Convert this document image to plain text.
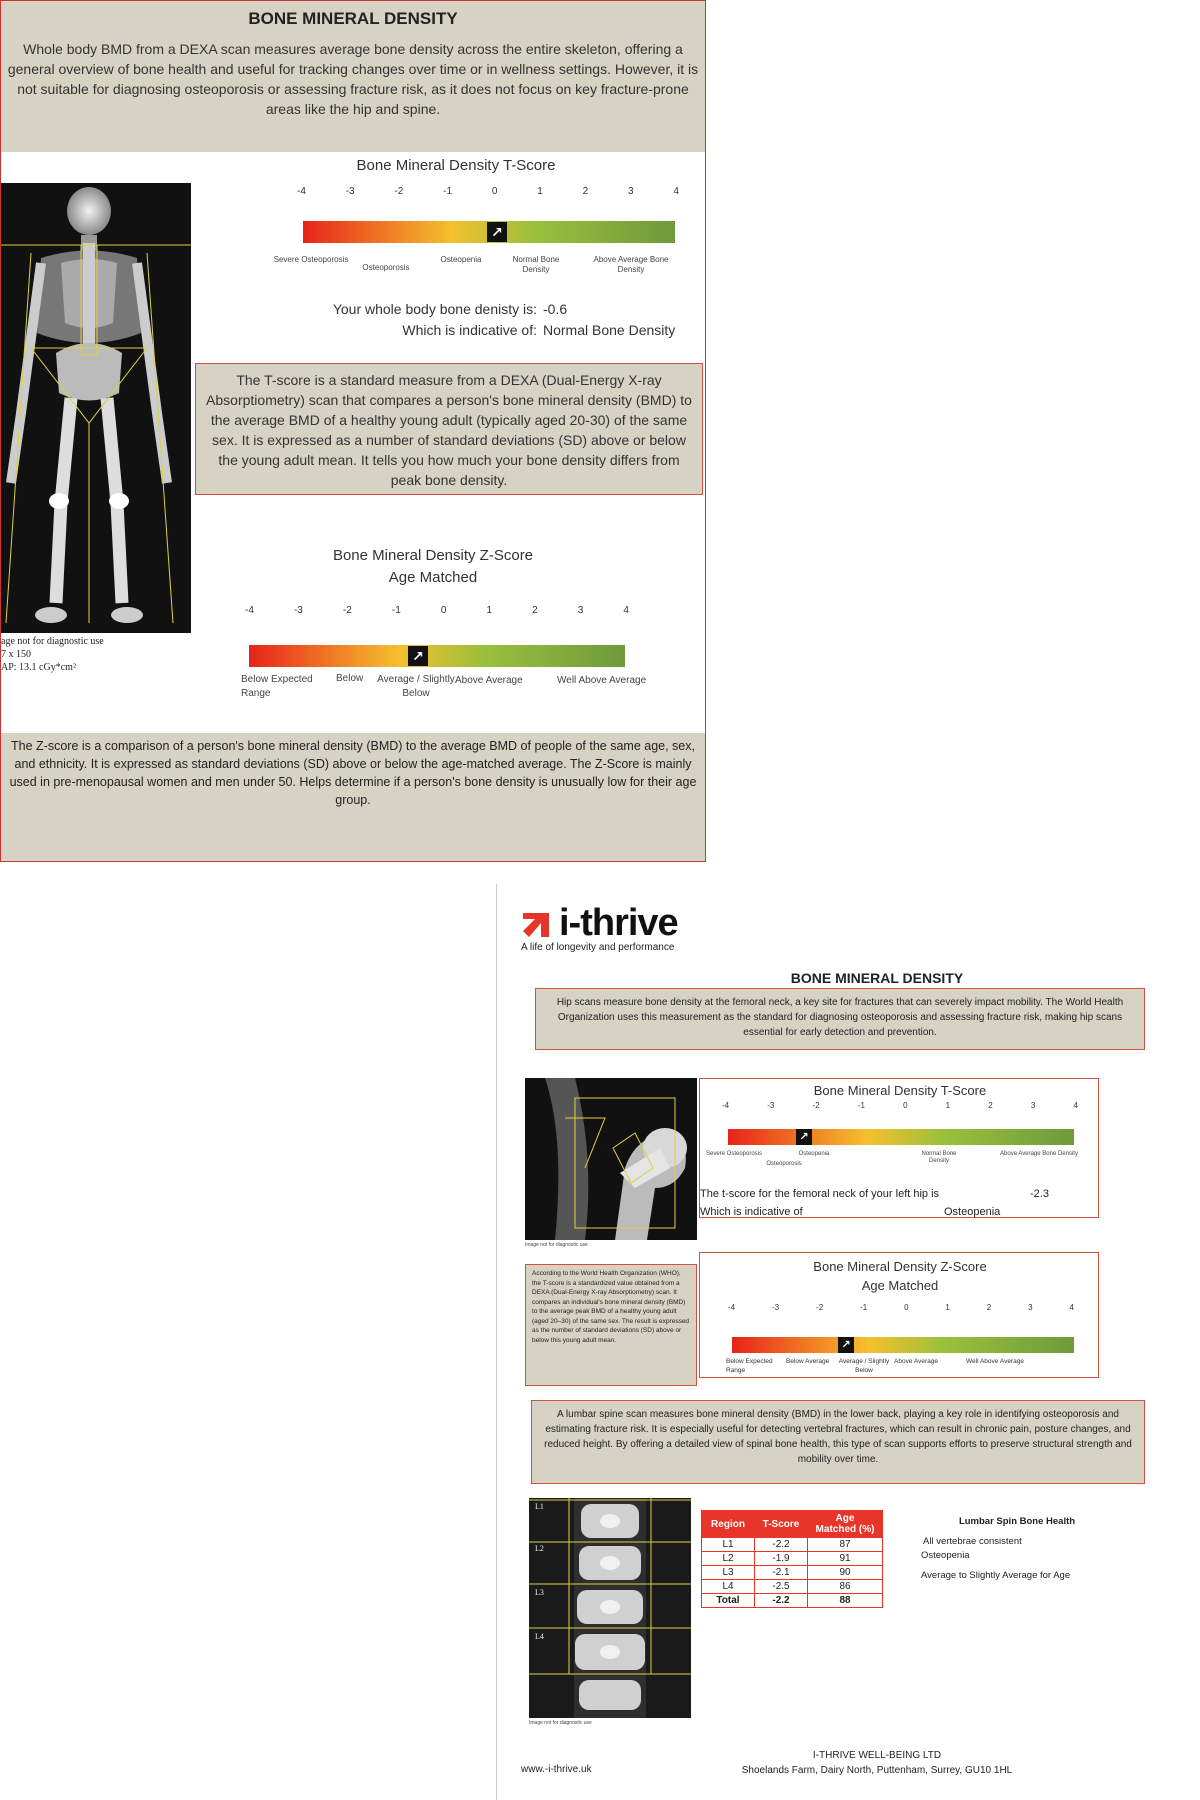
BONE MINERAL DENSITY
Whole body BMD from a DEXA scan measures average bone density across the entire skeleton, offering a general overview of bone health and useful for tracking changes over time or in wellness settings. However, it is not suitable for diagnosing osteoporosis or assessing fracture risk, as it does not focus on key fracture-prone areas like the hip and spine.
age not for diagnostic use
7 x 150
AP: 13.1 cGy*cm²
Bone Mineral Density T-Score
-4	-3	-2	-1	0	1	2	3	4
↗
Severe Osteoporosis
Osteoporosis
Osteopenia	Normal Bone Density
Above Average Bone Density
Your whole body bone denisty is: -0.6
Which is indicative of: Normal Bone Density
The T-score is a standard measure from a DEXA (Dual-Energy X-ray Absorptiometry) scan that compares a person's bone mineral density (BMD) to the average BMD of a healthy young adult (typically aged 20-30) of the same sex. It is expressed as a number of standard deviations (SD) above or below the young adult mean. It tells you how much your bone density differs from peak bone density.
Bone Mineral Density Z-Score
Age Matched
-4	-3	-2	-1	0	1	2	3	4
↗
Below Expected Range
Below	Average / Slightly Below
Above Average	Well Above Average
The Z-score is a comparison of a person's bone mineral density (BMD) to the average BMD of people of the same age, sex, and ethnicity. It is expressed as standard deviations (SD) above or below the age-matched average. The Z-Score is mainly used in pre-menopausal women and men under 50. Helps determine if a person's bone density is unusually low for their age group.
i-thrive
A life of longevity and performance
BONE MINERAL DENSITY
Hip scans measure bone density at the femoral neck, a key site for fractures that can severely impact mobility. The World Health Organization uses this measurement as the standard for diagnosing osteoporosis and assessing fracture risk, making hip scans essential for early detection and prevention.
Image not for diagnostic use
Bone Mineral Density T-Score
-4	-3	-2	-1	0	1	2	3	4
↗
Severe Osteoporosis
Osteoporosis
Osteopenia	Normal Bone Density
Above Average Bone Density
The t-score for the femoral neck of your left hip is	-2.3
Which is indicative of	Osteopenia
According to the World Health Organization (WHO), the T-score is a standardized value obtained from a DEXA (Dual-Energy X-ray Absorptiometry) scan. It compares an individual's bone mineral density (BMD) to the average peak BMD of a healthy young adult (aged 20–30) of the same sex. The result is expressed as the number of standard deviations (SD) above or below this young adult mean.
Bone Mineral Density Z-Score
Age Matched
-4	-3	-2	-1	0	1	2	3	4
↗
Below Expected Range
Below Average	Average / Slightly Below
Above Average	Well Above Average
A lumbar spine scan measures bone mineral density (BMD) in the lower back, playing a key role in identifying osteoporosis and estimating fracture risk. It is especially useful for detecting vertebral fractures, which can result in chronic pain, posture changes, and reduced height. By offering a detailed view of spinal bone health, this type of scan supports efforts to preserve structural strength and mobility over time.
L1
L2
L3
L4
Image not for diagnostic use
Region	T-Score	Age Matched (%)
L1	-2.2	87
L2	-1.9	91
L3	-2.1	90
L4	-2.5	86
Total	-2.2	88
Lumbar Spin Bone Health
All vertebrae consistent
Osteopenia
Average to Slightly Average for Age
www.-i-thrive.uk
I-THRIVE WELL-BEING LTD
Shoelands Farm, Dairy North, Puttenham, Surrey, GU10 1HL
